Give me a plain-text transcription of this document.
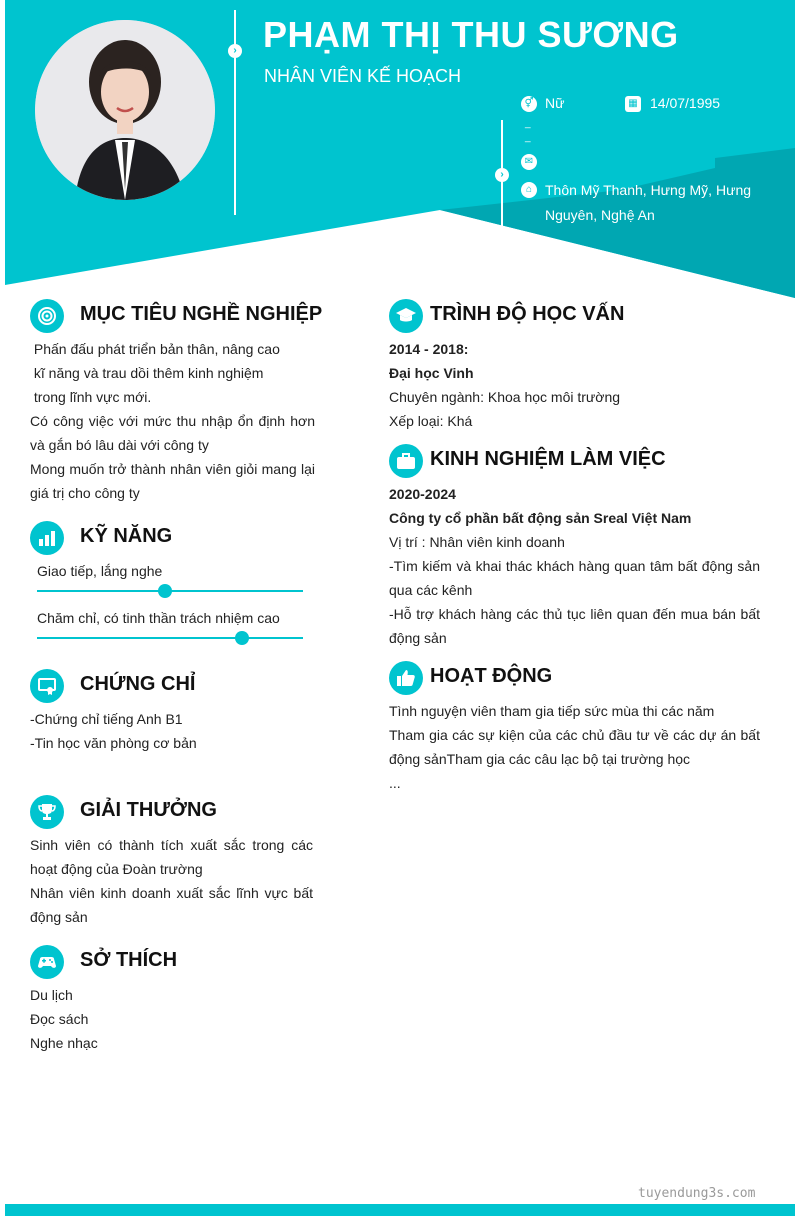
› PHẠM THỊ THU SƯƠNG
NHÂN VIÊN KẾ HOẠCH
›
⚥ Nữ	▦ 14/07/1995
_
_
✉
⌂ Thôn Mỹ Thanh, Hưng Mỹ, Hưng
Nguyên, Nghệ An
MỤC TIÊU NGHỀ NGHIỆP
Phấn đấu phát triển bản thân, nâng cao
kĩ năng và trau dồi thêm kinh nghiệm
trong lĩnh vực mới.
Có công việc với mức thu nhập ổn định hơn
và gắn bó lâu dài với công ty
Mong muốn trở thành nhân viên giỏi mang lại
giá trị cho công ty
KỸ NĂNG
Giao tiếp, lắng nghe
Chăm chỉ, có tinh thần trách nhiệm cao
CHỨNG CHỈ
-Chứng chỉ tiếng Anh B1
-Tin học văn phòng cơ bản
GIẢI THƯỞNG
Sinh viên có thành tích xuất sắc trong các
hoạt động của Đoàn trường
Nhân viên kinh doanh xuất sắc lĩnh vực bất
động sản
SỞ THÍCH
Du lịch
Đọc sách
Nghe nhạc
TRÌNH ĐỘ HỌC VẤN
2014 - 2018:
Đại học Vinh
Chuyên ngành: Khoa học môi trường
Xếp loại: Khá
KINH NGHIỆM LÀM VIỆC
2020-2024
Công ty cổ phần bất động sản Sreal Việt Nam
Vị trí : Nhân viên kinh doanh
-Tìm kiếm và khai thác khách hàng quan tâm bất động sản
qua các kênh
-Hỗ trợ khách hàng các thủ tục liên quan đến mua bán bất
động sản
HOẠT ĐỘNG
Tình nguyện viên tham gia tiếp sức mùa thi các năm
Tham gia các sự kiện của các chủ đầu tư về các dự án bất
động sảnTham gia các câu lạc bộ tại trường học
...
tuyendung3s.com
